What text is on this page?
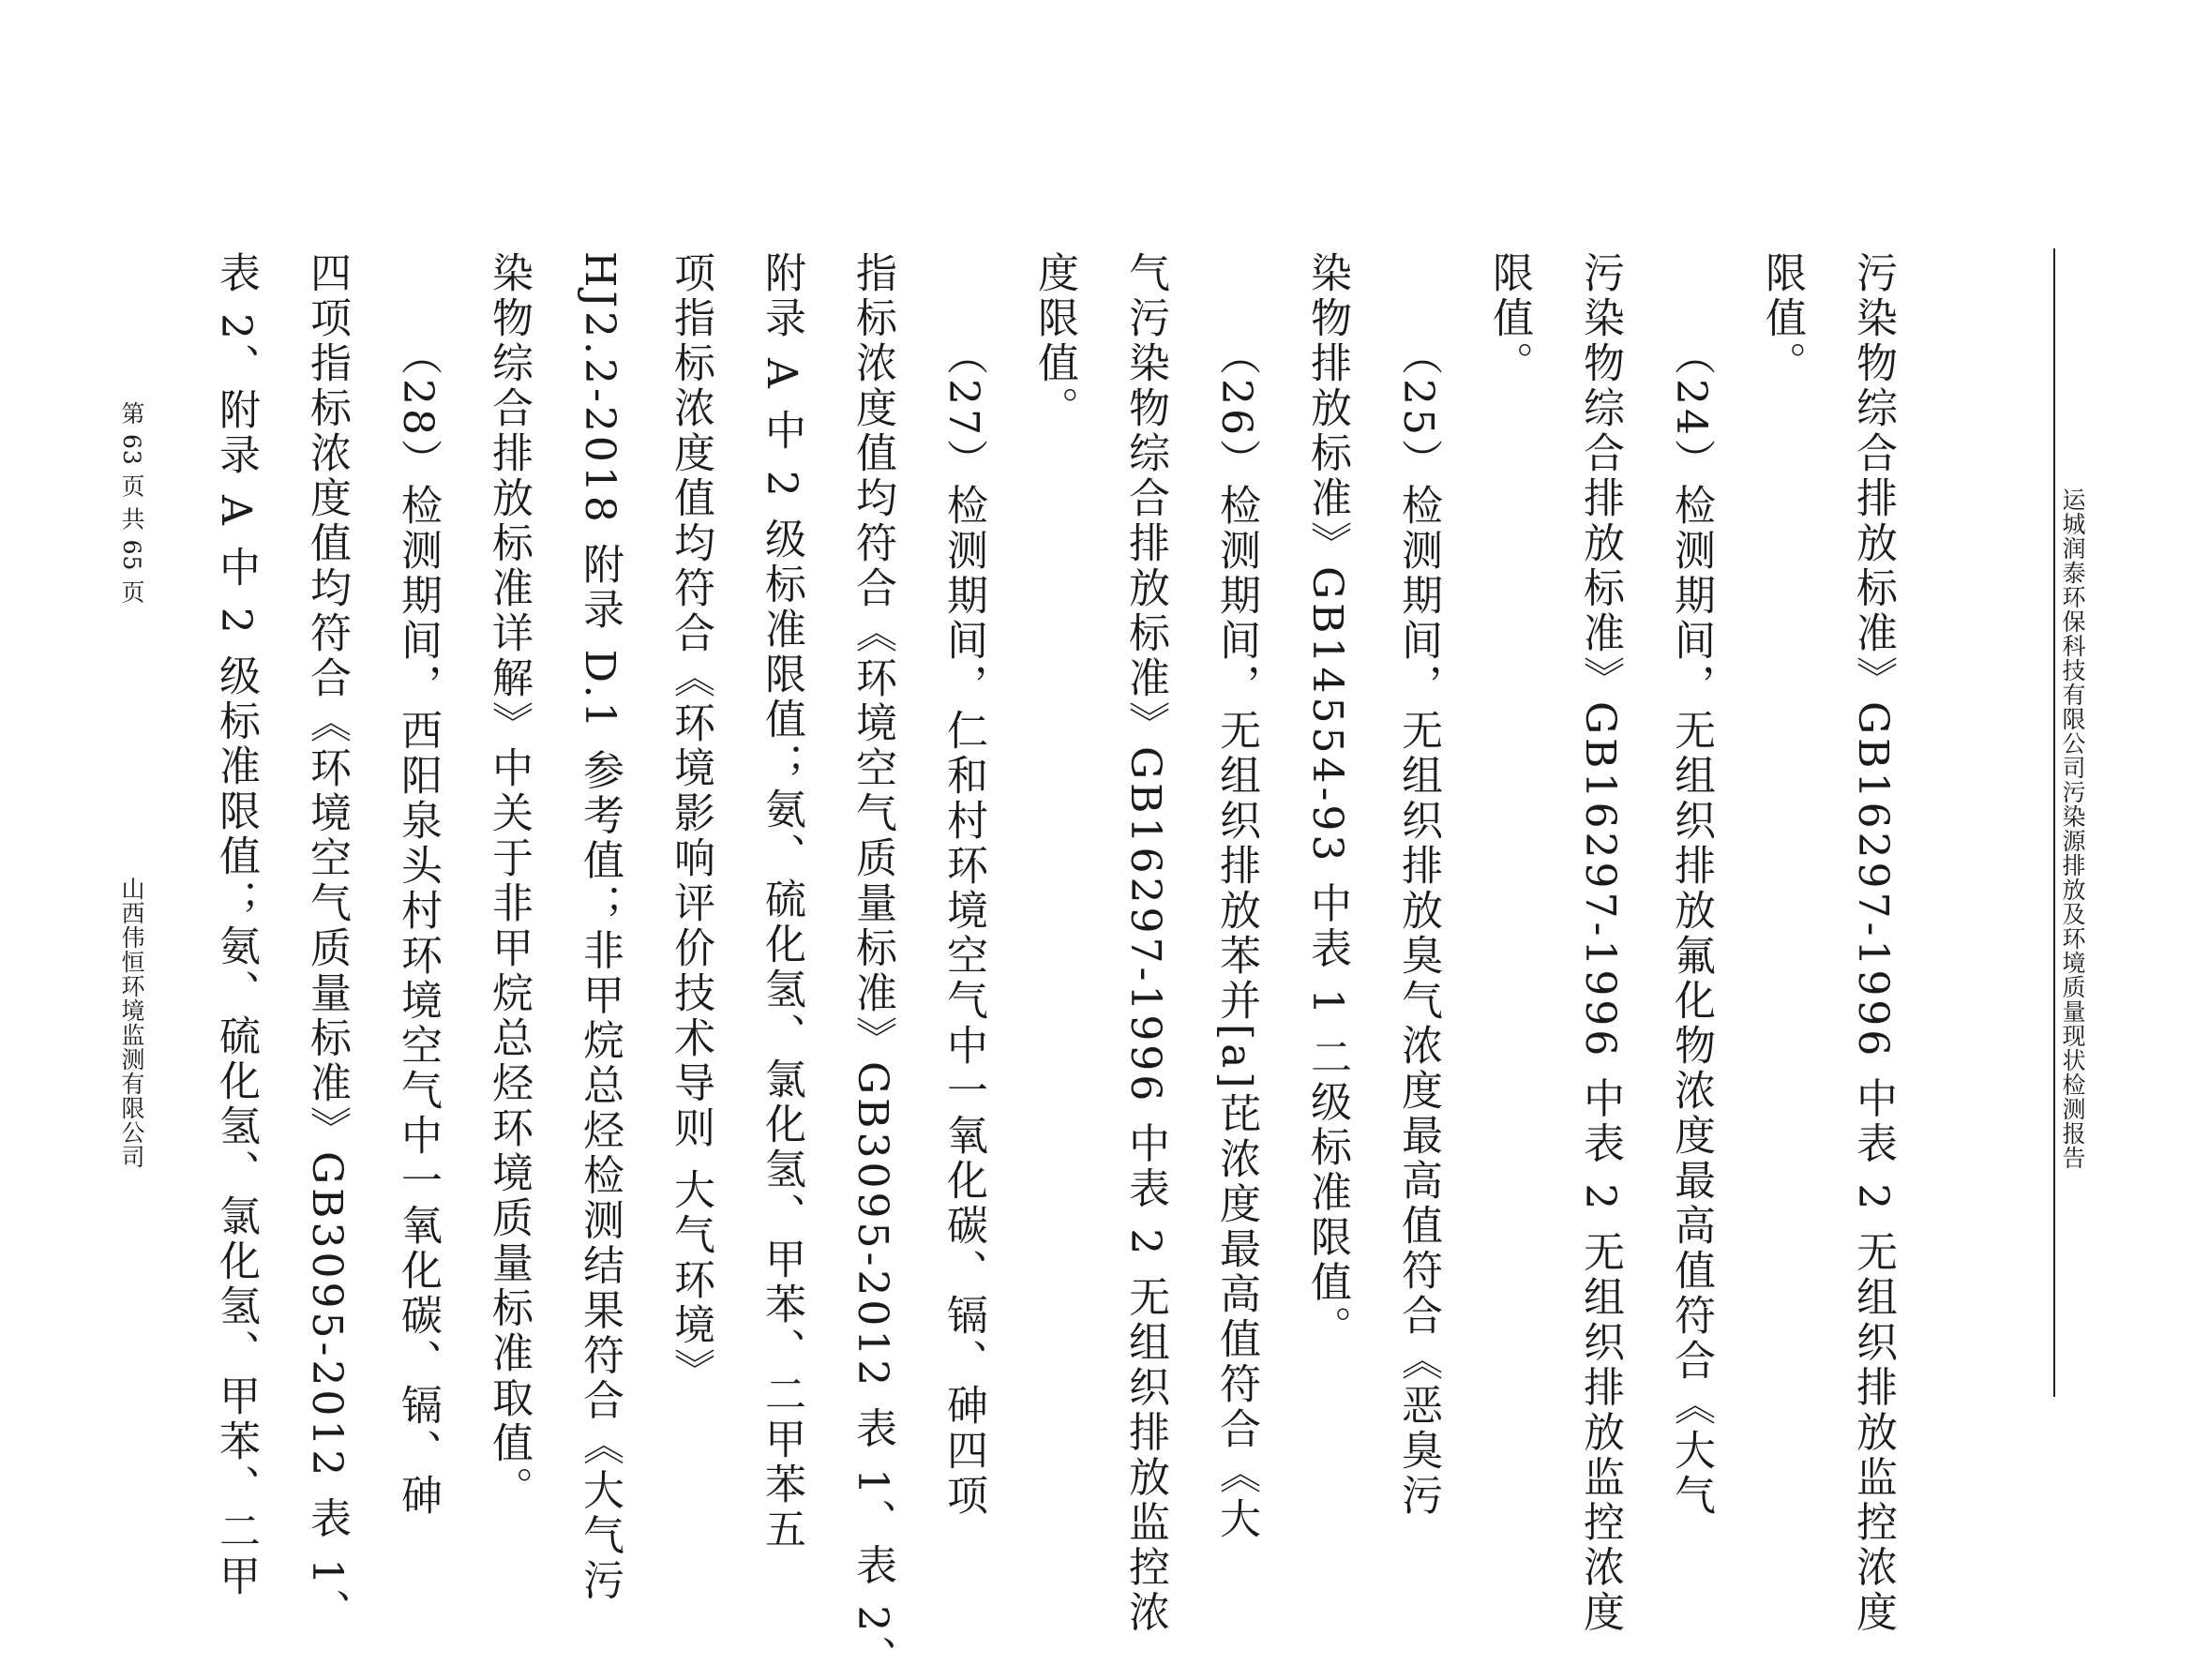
运城润泰环保科技有限公司污染源排放及环境质量现状检测报告
污染物综合排放标准》GB16297-1996 中表 2 无组织排放监控浓度
限值。
（24）检测期间，无组织排放氟化物浓度最高值符合《大气
污染物综合排放标准》GB16297-1996 中表 2 无组织排放监控浓度
限值。
（25）检测期间，无组织排放臭气浓度最高值符合《恶臭污
染物排放标准》GB14554-93 中表 1 二级标准限值。
（26）检测期间，无组织排放苯并[a]芘浓度最高值符合《大
气污染物综合排放标准》GB16297-1996 中表 2 无组织排放监控浓
度限值。
（27）检测期间，仁和村环境空气中一氧化碳、镉、砷四项
指标浓度值均符合《环境空气质量标准》GB3095-2012 表 1、表 2、
附录 A 中 2 级标准限值；氨、硫化氢、氯化氢、甲苯、二甲苯五
项指标浓度值均符合《环境影响评价技术导则 大气环境》
HJ2.2-2018 附录 D.1 参考值；非甲烷总烃检测结果符合《大气污
染物综合排放标准详解》中关于非甲烷总烃环境质量标准取值。
（28）检测期间，西阳泉头村环境空气中一氧化碳、镉、砷
四项指标浓度值均符合《环境空气质量标准》GB3095-2012 表 1、
表 2、附录 A 中 2 级标准限值；氨、硫化氢、氯化氢、甲苯、二甲
第 63 页 共 65 页
山西伟恒环境监测有限公司
